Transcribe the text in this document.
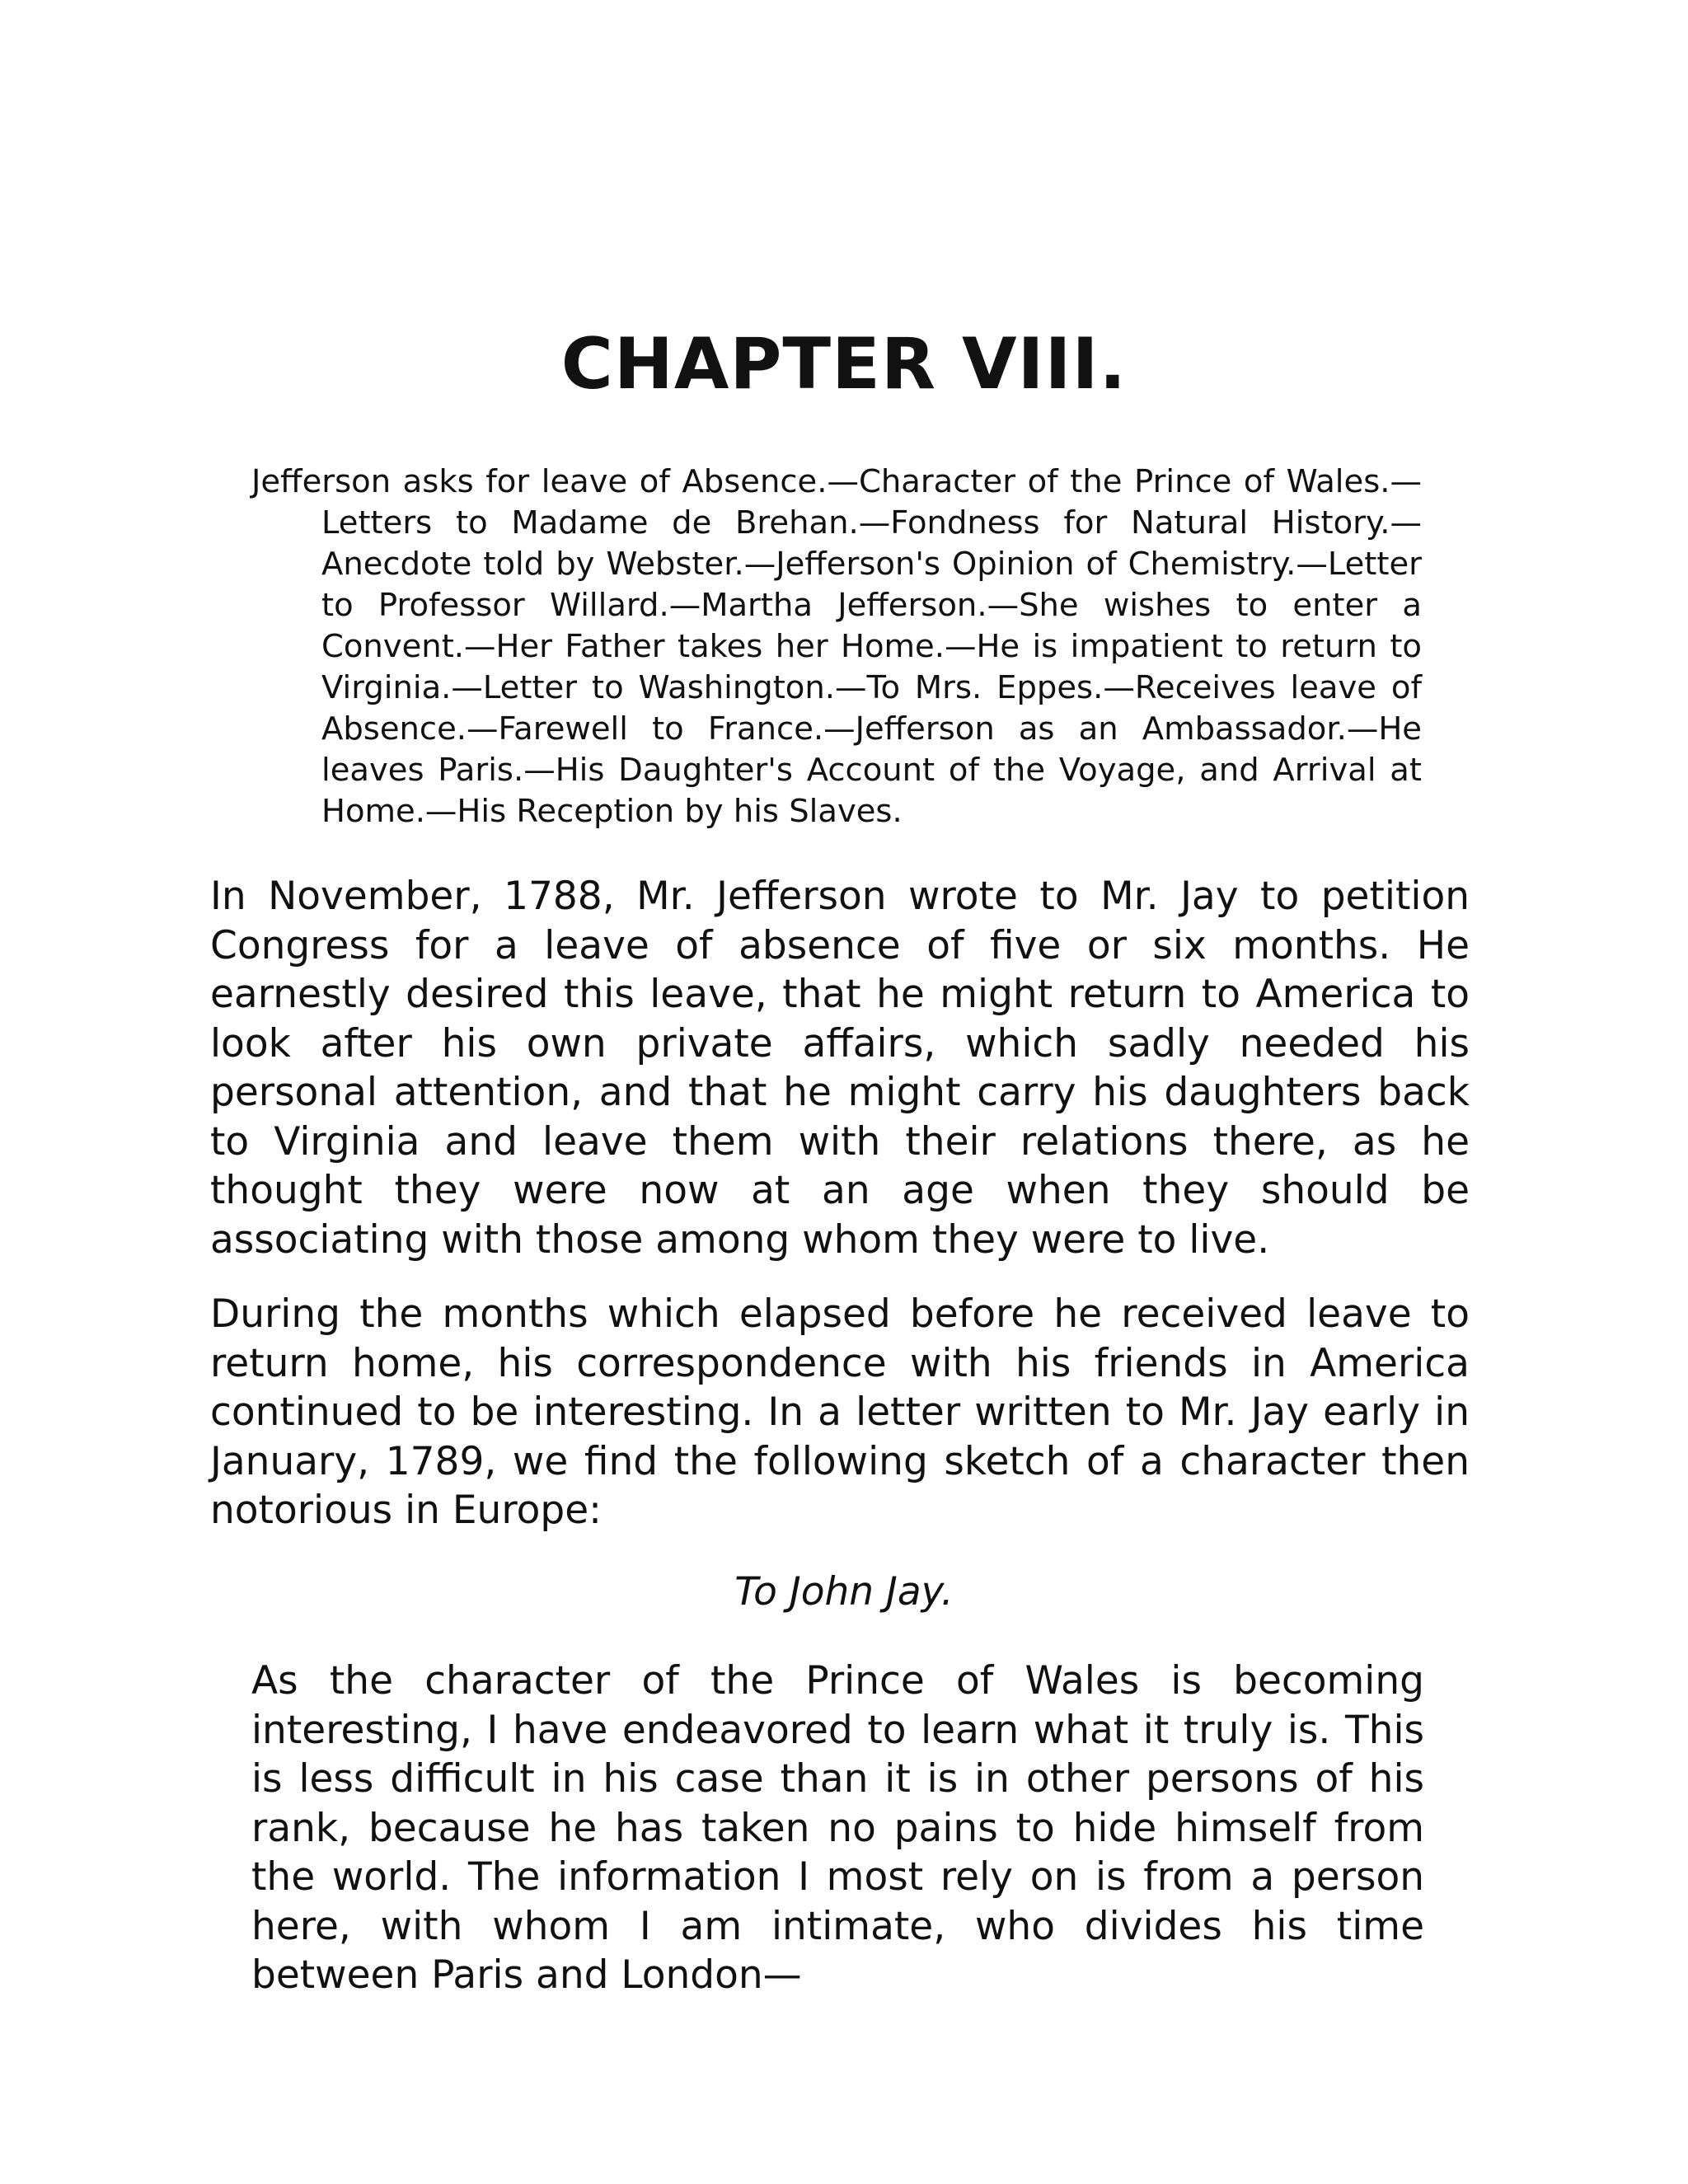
CHAPTER VIII.

Jefferson asks for leave of Absence.—Character of the Prince of Wales.—Letters to Madame de Brehan.—Fondness for Natural History.—Anecdote told by Webster.—Jefferson's Opinion of Chemistry.—Letter to Professor Willard.—Martha Jefferson.—She wishes to enter a Convent.—Her Father takes her Home.—He is impatient to return to Virginia.—Letter to Washington.—To Mrs. Eppes.—Receives leave of Absence.—Farewell to France.—Jefferson as an Ambassador.—He leaves Paris.—His Daughter's Account of the Voyage, and Arrival at Home.—His Reception by his Slaves.

In November, 1788, Mr. Jefferson wrote to Mr. Jay to petition Congress for a leave of absence of five or six months. He earnestly desired this leave, that he might return to America to look after his own private affairs, which sadly needed his personal attention, and that he might carry his daughters back to Virginia and leave them with their relations there, as he thought they were now at an age when they should be associating with those among whom they were to live.

During the months which elapsed before he received leave to return home, his correspondence with his friends in America continued to be interesting. In a letter written to Mr. Jay early in January, 1789, we find the following sketch of a character then notorious in Europe:

To John Jay.

As the character of the Prince of Wales is becoming interesting, I have endeavored to learn what it truly is. This is less difficult in his case than it is in other persons of his rank, because he has taken no pains to hide himself from the world. The information I most rely on is from a person here, with whom I am intimate, who divides his time between Paris and London—
